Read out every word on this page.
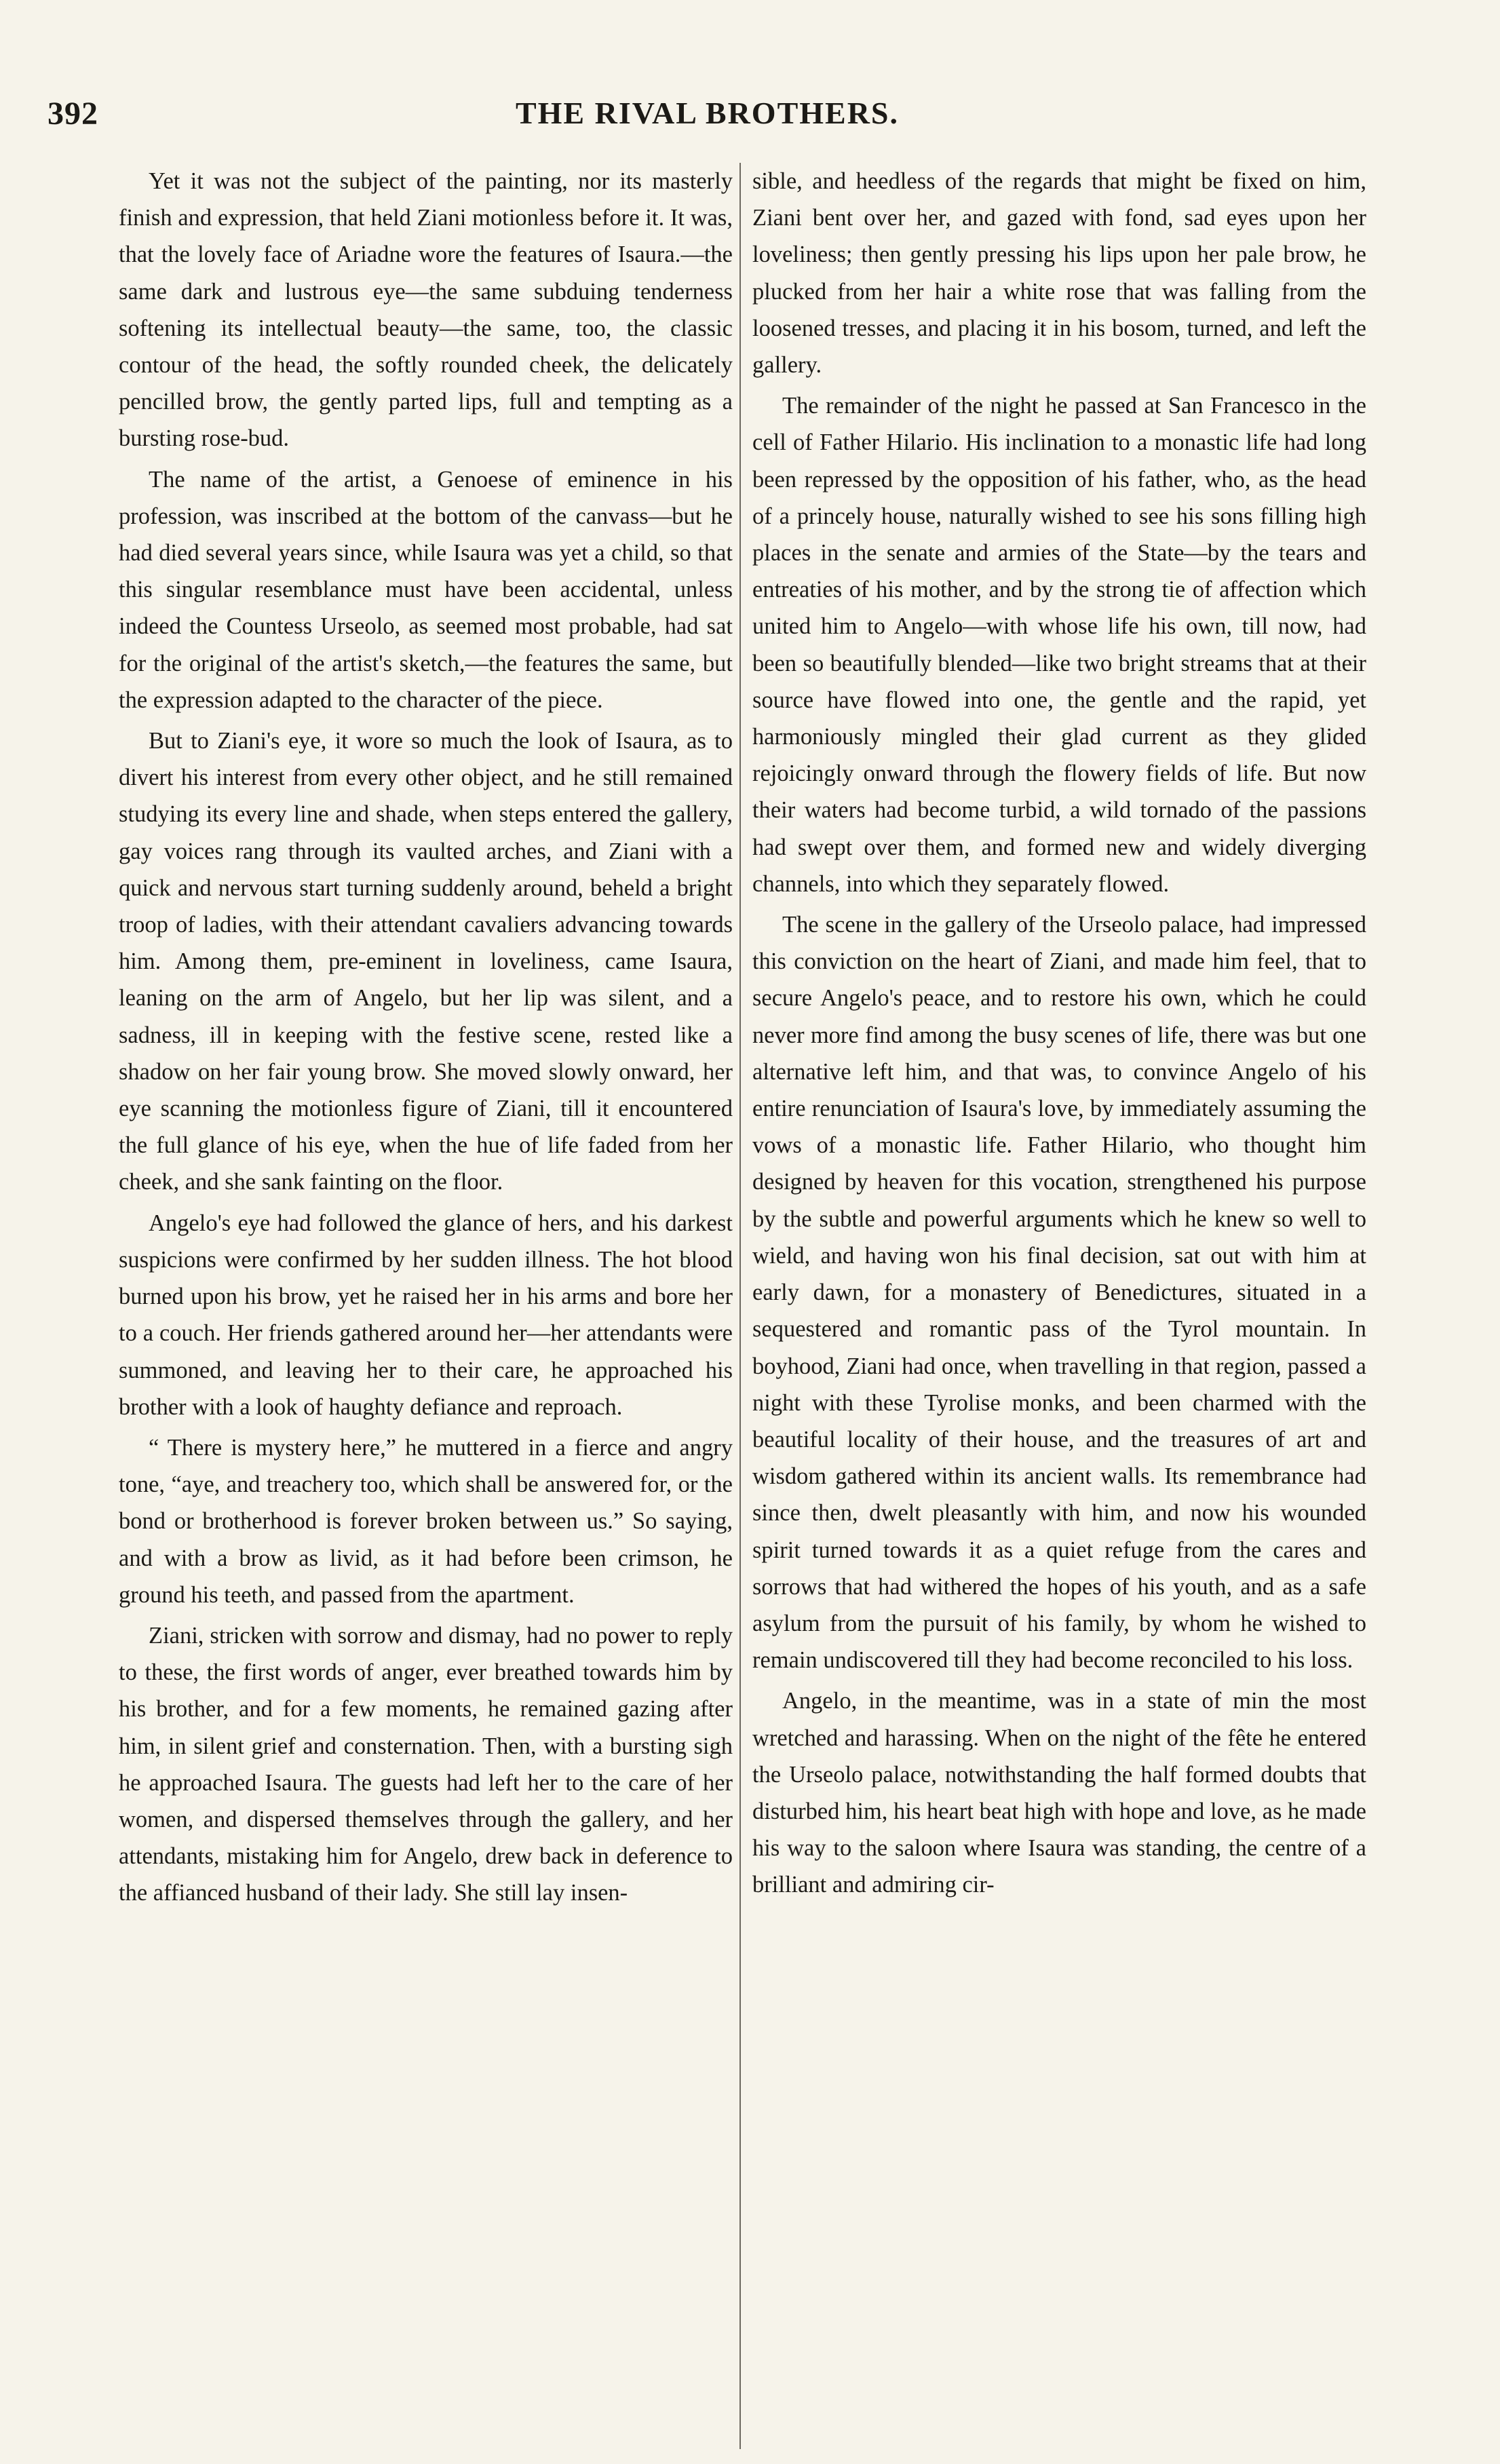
392	THE RIVAL BROTHERS.

Yet it was not the subject of the painting, nor its masterly finish and expression, that held Ziani motionless before it. It was, that the lovely face of Ariadne wore the features of Isaura.—the same dark and lustrous eye—the same subduing tenderness softening its intellectual beauty—the same, too, the classic contour of the head, the softly rounded cheek, the delicately pencilled brow, the gently parted lips, full and tempting as a bursting rose-bud.

The name of the artist, a Genoese of eminence in his profession, was inscribed at the bottom of the canvass—but he had died several years since, while Isaura was yet a child, so that this singular resemblance must have been accidental, unless indeed the Countess Urseolo, as seemed most probable, had sat for the original of the artist's sketch,—the features the same, but the expression adapted to the character of the piece.

But to Ziani's eye, it wore so much the look of Isaura, as to divert his interest from every other object, and he still remained studying its every line and shade, when steps entered the gallery, gay voices rang through its vaulted arches, and Ziani with a quick and nervous start turning suddenly around, beheld a bright troop of ladies, with their attendant cavaliers advancing towards him. Among them, pre-eminent in loveliness, came Isaura, leaning on the arm of Angelo, but her lip was silent, and a sadness, ill in keeping with the festive scene, rested like a shadow on her fair young brow. She moved slowly onward, her eye scanning the motionless figure of Ziani, till it encountered the full glance of his eye, when the hue of life faded from her cheek, and she sank fainting on the floor.

Angelo's eye had followed the glance of hers, and his darkest suspicions were confirmed by her sudden illness. The hot blood burned upon his brow, yet he raised her in his arms and bore her to a couch. Her friends gathered around her—her attendants were summoned, and leaving her to their care, he approached his brother with a look of haughty defiance and reproach.

“ There is mystery here,” he muttered in a fierce and angry tone, “aye, and treachery too, which shall be answered for, or the bond or brotherhood is forever broken between us.” So saying, and with a brow as livid, as it had before been crimson, he ground his teeth, and passed from the apartment.

Ziani, stricken with sorrow and dismay, had no power to reply to these, the first words of anger, ever breathed towards him by his brother, and for a few moments, he remained gazing after him, in silent grief and consternation. Then, with a bursting sigh he approached Isaura. The guests had left her to the care of her women, and dispersed themselves through the gallery, and her attendants, mistaking him for Angelo, drew back in deference to the affianced husband of their lady. She still lay insen-

sible, and heedless of the regards that might be fixed on him, Ziani bent over her, and gazed with fond, sad eyes upon her loveliness; then gently pressing his lips upon her pale brow, he plucked from her hair a white rose that was falling from the loosened tresses, and placing it in his bosom, turned, and left the gallery.

The remainder of the night he passed at San Francesco in the cell of Father Hilario. His inclination to a monastic life had long been repressed by the opposition of his father, who, as the head of a princely house, naturally wished to see his sons filling high places in the senate and armies of the State—by the tears and entreaties of his mother, and by the strong tie of affection which united him to Angelo—with whose life his own, till now, had been so beautifully blended—like two bright streams that at their source have flowed into one, the gentle and the rapid, yet harmoniously mingled their glad current as they glided rejoicingly onward through the flowery fields of life. But now their waters had become turbid, a wild tornado of the passions had swept over them, and formed new and widely diverging channels, into which they separately flowed.

The scene in the gallery of the Urseolo palace, had impressed this conviction on the heart of Ziani, and made him feel, that to secure Angelo's peace, and to restore his own, which he could never more find among the busy scenes of life, there was but one alternative left him, and that was, to convince Angelo of his entire renunciation of Isaura's love, by immediately assuming the vows of a monastic life. Father Hilario, who thought him designed by heaven for this vocation, strengthened his purpose by the subtle and powerful arguments which he knew so well to wield, and having won his final decision, sat out with him at early dawn, for a monastery of Benedictures, situated in a sequestered and romantic pass of the Tyrol mountain. In boyhood, Ziani had once, when travelling in that region, passed a night with these Tyrolise monks, and been charmed with the beautiful locality of their house, and the treasures of art and wisdom gathered within its ancient walls. Its remembrance had since then, dwelt pleasantly with him, and now his wounded spirit turned towards it as a quiet refuge from the cares and sorrows that had withered the hopes of his youth, and as a safe asylum from the pursuit of his family, by whom he wished to remain undiscovered till they had become reconciled to his loss.

Angelo, in the meantime, was in a state of min the most wretched and harassing. When on the night of the fête he entered the Urseolo palace, notwithstanding the half formed doubts that disturbed him, his heart beat high with hope and love, as he made his way to the saloon where Isaura was standing, the centre of a brilliant and admiring cir-
